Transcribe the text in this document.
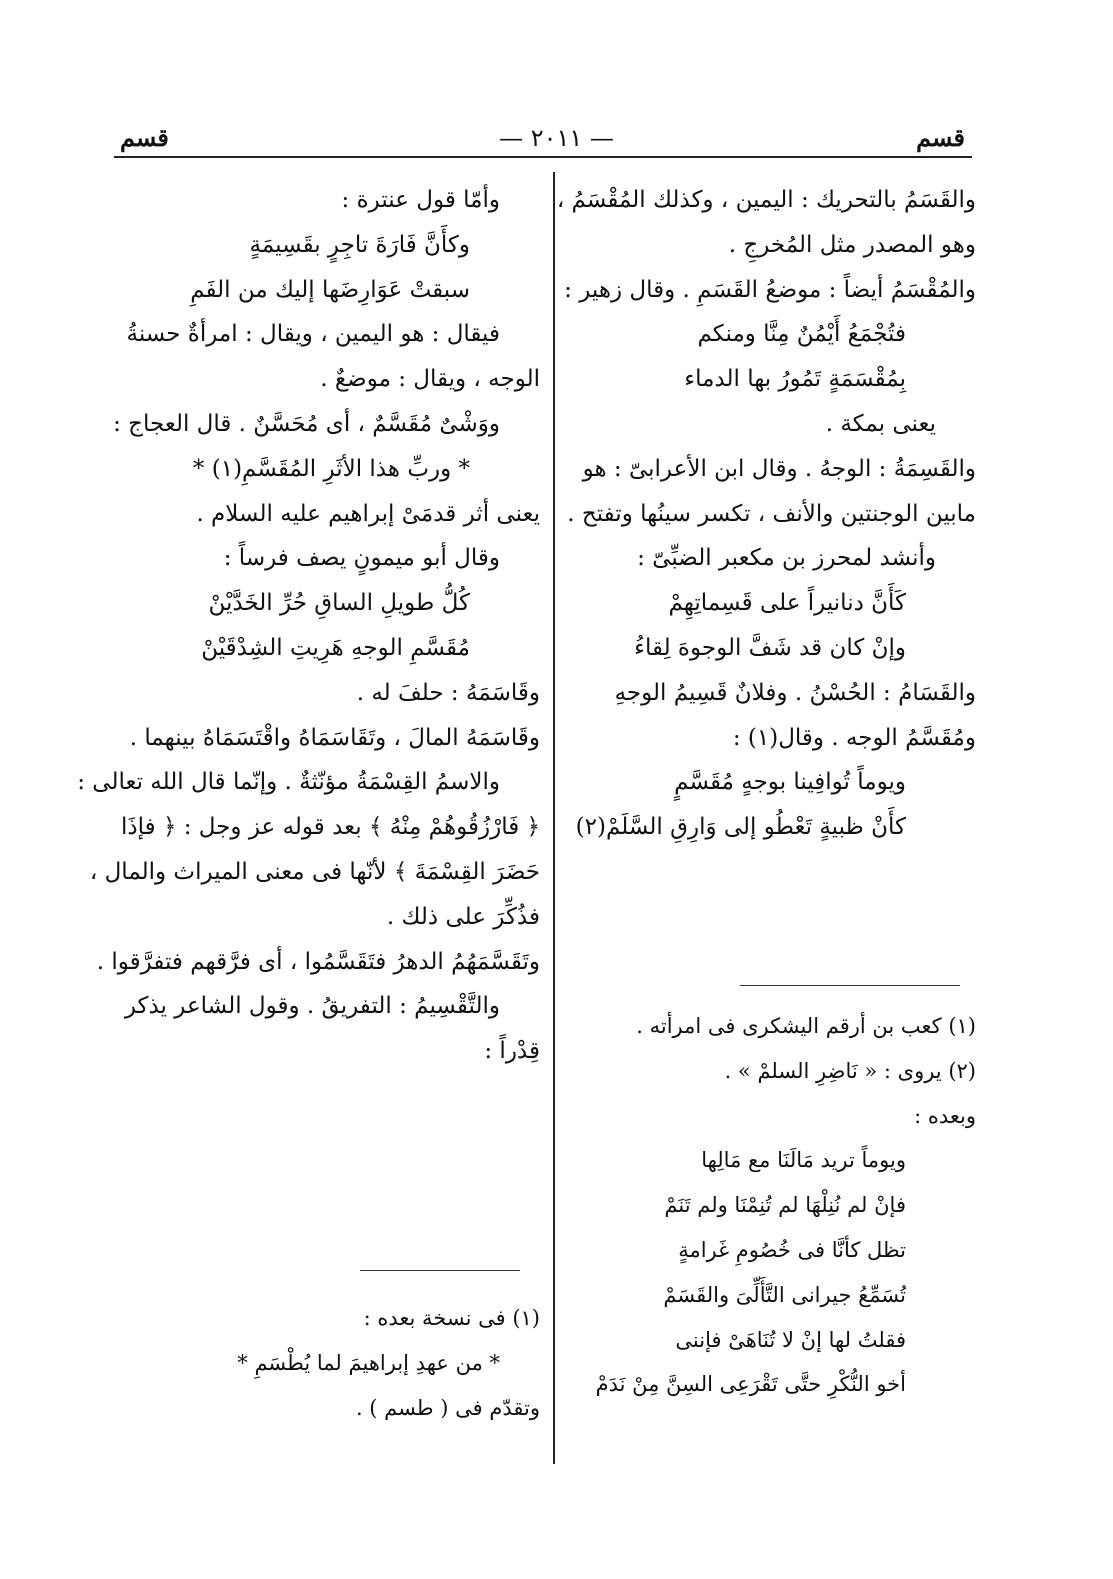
قسم	— ٢٠١١ —	قسم
والقَسَمُ بالتحريك : اليمين ، وكذلك المُقْسَمُ ،
وهو المصدر مثل المُخرجِ .
والمُقْسَمُ أيضاً : موضعُ القَسَمِ . وقال زهير :
فتُجْمَعُ أَيْمُنٌ مِنَّا ومنكم
بِمُقْسَمَةٍ تَمُورُ بها الدماء
يعنى بمكة .
والقَسِمَةُ : الوجهُ . وقال ابن الأعرابىّ : هو
مابين الوجنتين والأنف ، تكسر سينُها وتفتح .
وأنشد لمحرز بن مكعبر الضبِّىّ :
كَأَنَّ دنانيراً على قَسِماتِهِمْ
وإنْ كان قد شَفَّ الوجوهَ لِقاءُ
والقَسَامُ : الحُسْنُ . وفلانٌ قَسِيمُ الوجهِ
ومُقَسَّمُ الوجه . وقال(١) :
ويوماً تُوافِينا بوجهٍ مُقَسَّمٍ
كأَنْ ظبيةٍ تَعْطُو إلى وَارِقِ السَّلَمْ(٢)
(١) كعب بن أرقم اليشكرى فى امرأته .
(٢) يروى : « نَاضِرِ السلمْ » .
وبعده :
ويوماً تريد مَالَنَا مع مَالِها
فإنْ لم نُنِلْهَا لم تُنِمْنَا ولم تَنَمْ
تظل كأنَّا فى خُصُومِ غَرامةٍ
تُسَمِّعُ جيرانى التَّأَلِّىَ والقَسَمْ
فقلتُ لها إنْ لا تُنَاهَىْ فإننى
أخو النُّكْرِ حتَّى تَقْرَعِى السِنَّ مِنْ نَدَمْ
وأمّا قول عنترة :
وكأَنَّ فَارَةَ تاجِرٍ بقَسِيمَةٍ
سبقتْ عَوَارِضَها إليك من الفَمِ
فيقال : هو اليمين ، ويقال : امرأةٌ حسنةُ
الوجه ، ويقال : موضعٌ .
ووَشْىٌ مُقَسَّمٌ ، أى مُحَسَّنٌ . قال العجاج :
* وربِّ هذا الأثَرِ المُقَسَّمِ(١) *
يعنى أثر قدمَىْ إبراهيم عليه السلام .
وقال أبو ميمونٍ يصف فرساً :
كُلُّ طويلِ الساقِ حُرِّ الخَدَّيْنْ
مُقَسَّمِ الوجهِ هَرِيتِ الشِدْقَيْنْ
وقَاسَمَهُ : حلفَ له .
وقَاسَمَهُ المالَ ، وتَقَاسَمَاهُ واقْتَسَمَاهُ بينهما .
والاسمُ القِسْمَةُ مؤنّثةٌ . وإنّما قال الله تعالى :
﴿ فَارْزُقُوهُمْ مِنْهُ ﴾ بعد قوله عز وجل : ﴿ فإذَا
حَضَرَ القِسْمَةَ ﴾ لأنّها فى معنى الميراث والمال ،
فذُكِّرَ على ذلك .
وتَقَسَّمَهُمُ الدهرُ فتَقَسَّمُوا ، أى فرَّقهم فتفرَّقوا .
والتَّقْسِيمُ : التفريقُ . وقول الشاعر يذكر
قِدْراً :
(١) فى نسخة بعده :
* من عهدِ إبراهيمَ لما يُطْسَمِ *
وتقدّم فى ( طسم ) .
